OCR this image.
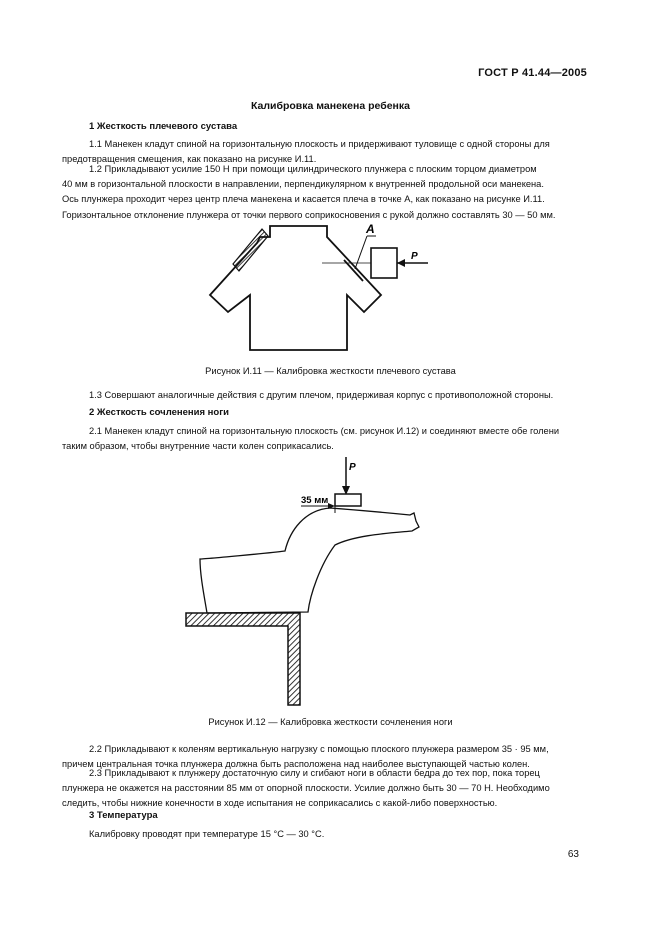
ГОСТ Р 41.44—2005
Калибровка манекена ребенка
1 Жесткость плечевого сустава
1.1 Манекен кладут спиной на горизонтальную плоскость и придерживают туловище с одной стороны для
предотвращения смещения, как показано на рисунке И.11.
1.2 Прикладывают усилие 150 Н при помощи цилиндрического плунжера с плоским торцом диаметром
40 мм в горизонтальной плоскости в направлении, перпендикулярном к внутренней продольной оси манекена.
Ось плунжера проходит через центр плеча манекена и касается плеча в точке А, как показано на рисунке И.11.
Горизонтальное отклонение плунжера от точки первого соприкосновения с рукой должно составлять 30 — 50 мм.
A
P
Рисунок И.11 — Калибровка жесткости плечевого сустава
1.3 Совершают аналогичные действия с другим плечом, придерживая корпус с противоположной стороны.
2 Жесткость сочленения ноги
2.1 Манекен кладут спиной на горизонтальную плоскость (см. рисунок И.12) и соединяют вместе обе голени
таким образом, чтобы внутренние части колен соприкасались.
P
35 мм
Рисунок И.12 — Калибровка жесткости сочленения ноги
2.2 Прикладывают к коленям вертикальную нагрузку с помощью плоского плунжера размером 35 · 95 мм,
причем центральная точка плунжера должна быть расположена над наиболее выступающей частью колен.
2.3 Прикладывают к плунжеру достаточную силу и сгибают ноги в области бедра до тех пор, пока торец
плунжера не окажется на расстоянии 85 мм от опорной плоскости. Усилие должно быть 30 — 70 Н. Необходимо
следить, чтобы нижние конечности в ходе испытания не соприкасались с какой-либо поверхностью.
3 Температура
Калибровку проводят при температуре 15 °С — 30 °С.
63
